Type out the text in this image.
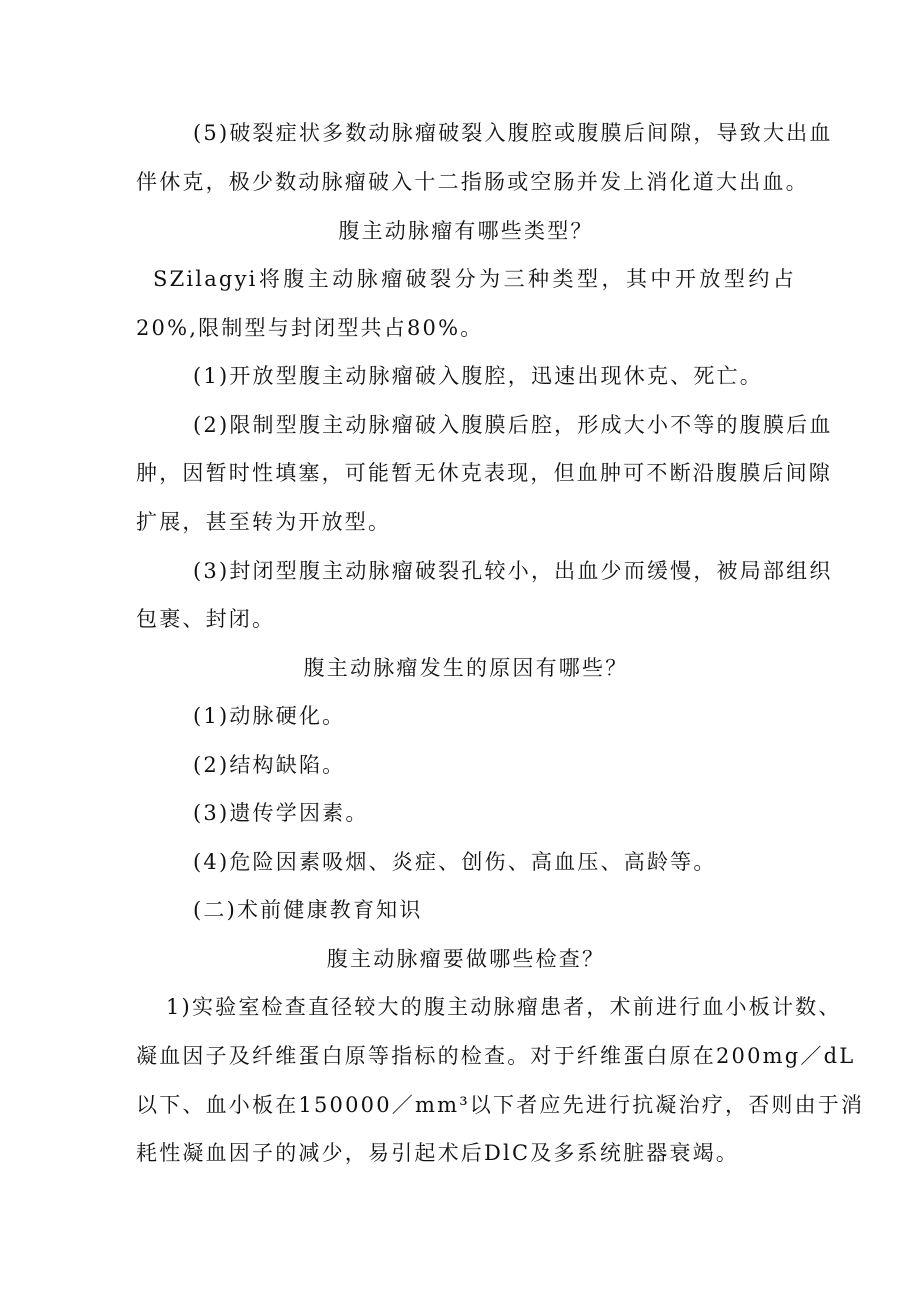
(5)破裂症状多数动脉瘤破裂入腹腔或腹膜后间隙，导致大出血
伴休克，极少数动脉瘤破入十二指肠或空肠并发上消化道大出血。
腹主动脉瘤有哪些类型？
SZilagyi将腹主动脉瘤破裂分为三种类型，其中开放型约占
20%,限制型与封闭型共占80%。
(1)开放型腹主动脉瘤破入腹腔，迅速出现休克、死亡。
(2)限制型腹主动脉瘤破入腹膜后腔，形成大小不等的腹膜后血
肿，因暂时性填塞，可能暂无休克表现，但血肿可不断沿腹膜后间隙
扩展，甚至转为开放型。
(3)封闭型腹主动脉瘤破裂孔较小，出血少而缓慢，被局部组织
包裹、封闭。
腹主动脉瘤发生的原因有哪些？
(1)动脉硬化。
(2)结构缺陷。
(3)遗传学因素。
(4)危险因素吸烟、炎症、创伤、高血压、高龄等。
(二)术前健康教育知识
腹主动脉瘤要做哪些检查？
1)实验室检查直径较大的腹主动脉瘤患者，术前进行血小板计数、
凝血因子及纤维蛋白原等指标的检查。对于纤维蛋白原在200mg／dL
以下、血小板在150000／mm³以下者应先进行抗凝治疗，否则由于消
耗性凝血因子的减少，易引起术后DlC及多系统脏器衰竭。
